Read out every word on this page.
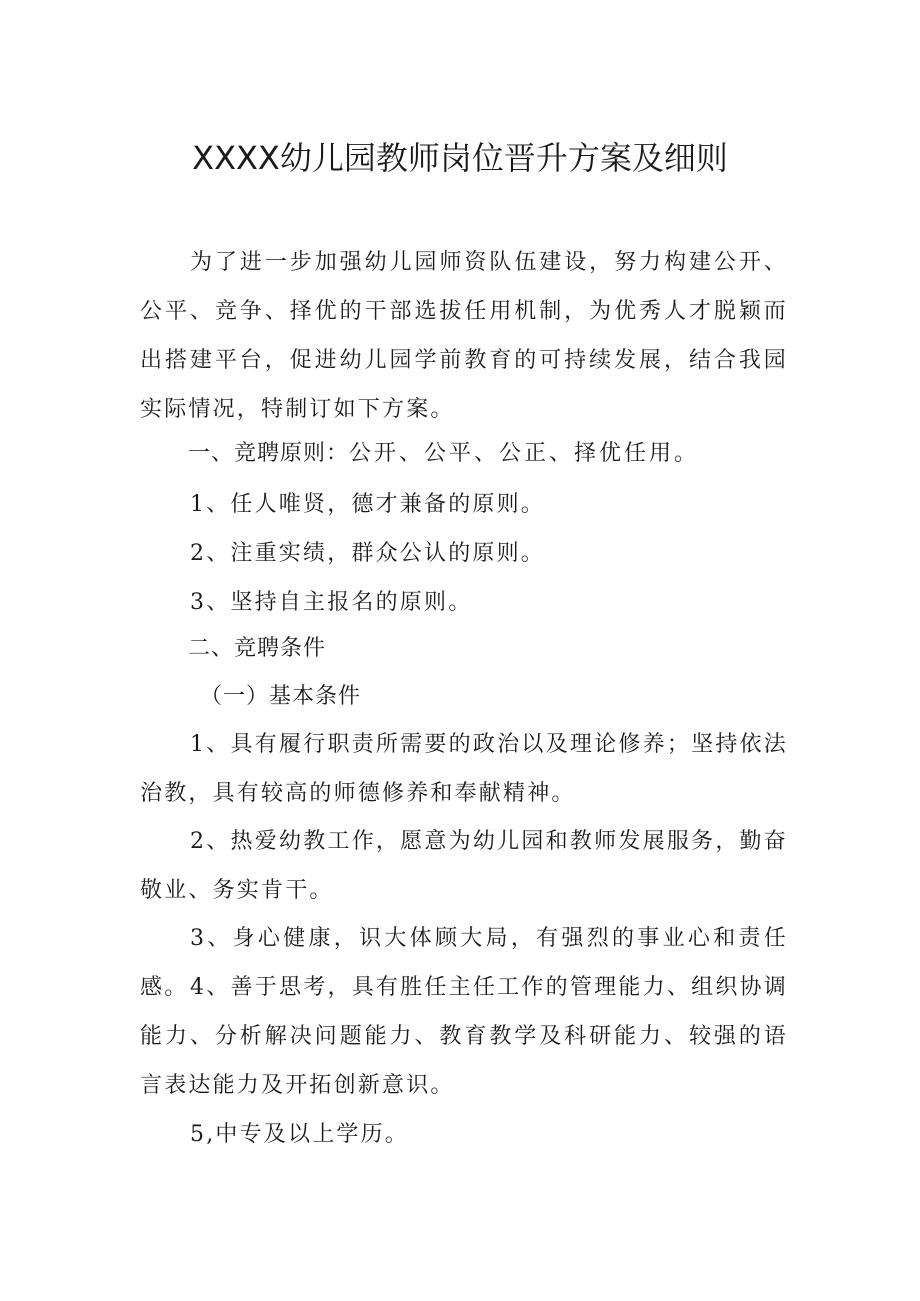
XXXX幼儿园教师岗位晋升方案及细则

为了进一步加强幼儿园师资队伍建设，努力构建公开、公平、竞争、择优的干部选拔任用机制，为优秀人才脱颖而出搭建平台，促进幼儿园学前教育的可持续发展，结合我园实际情况，特制订如下方案。

一、竞聘原则：公开、公平、公正、择优任用。

1、任人唯贤，德才兼备的原则。

2、注重实绩，群众公认的原则。

3、坚持自主报名的原则。

二、竞聘条件

（一）基本条件

1、具有履行职责所需要的政治以及理论修养；坚持依法治教，具有较高的师德修养和奉献精神。

2、热爱幼教工作，愿意为幼儿园和教师发展服务，勤奋敬业、务实肯干。

3、身心健康，识大体顾大局，有强烈的事业心和责任感。 4、善于思考，具有胜任主任工作的管理能力、组织协调能力、分析解决问题能力、教育教学及科研能力、较强的语言表达能力及开拓创新意识。

5,中专及以上学历。
